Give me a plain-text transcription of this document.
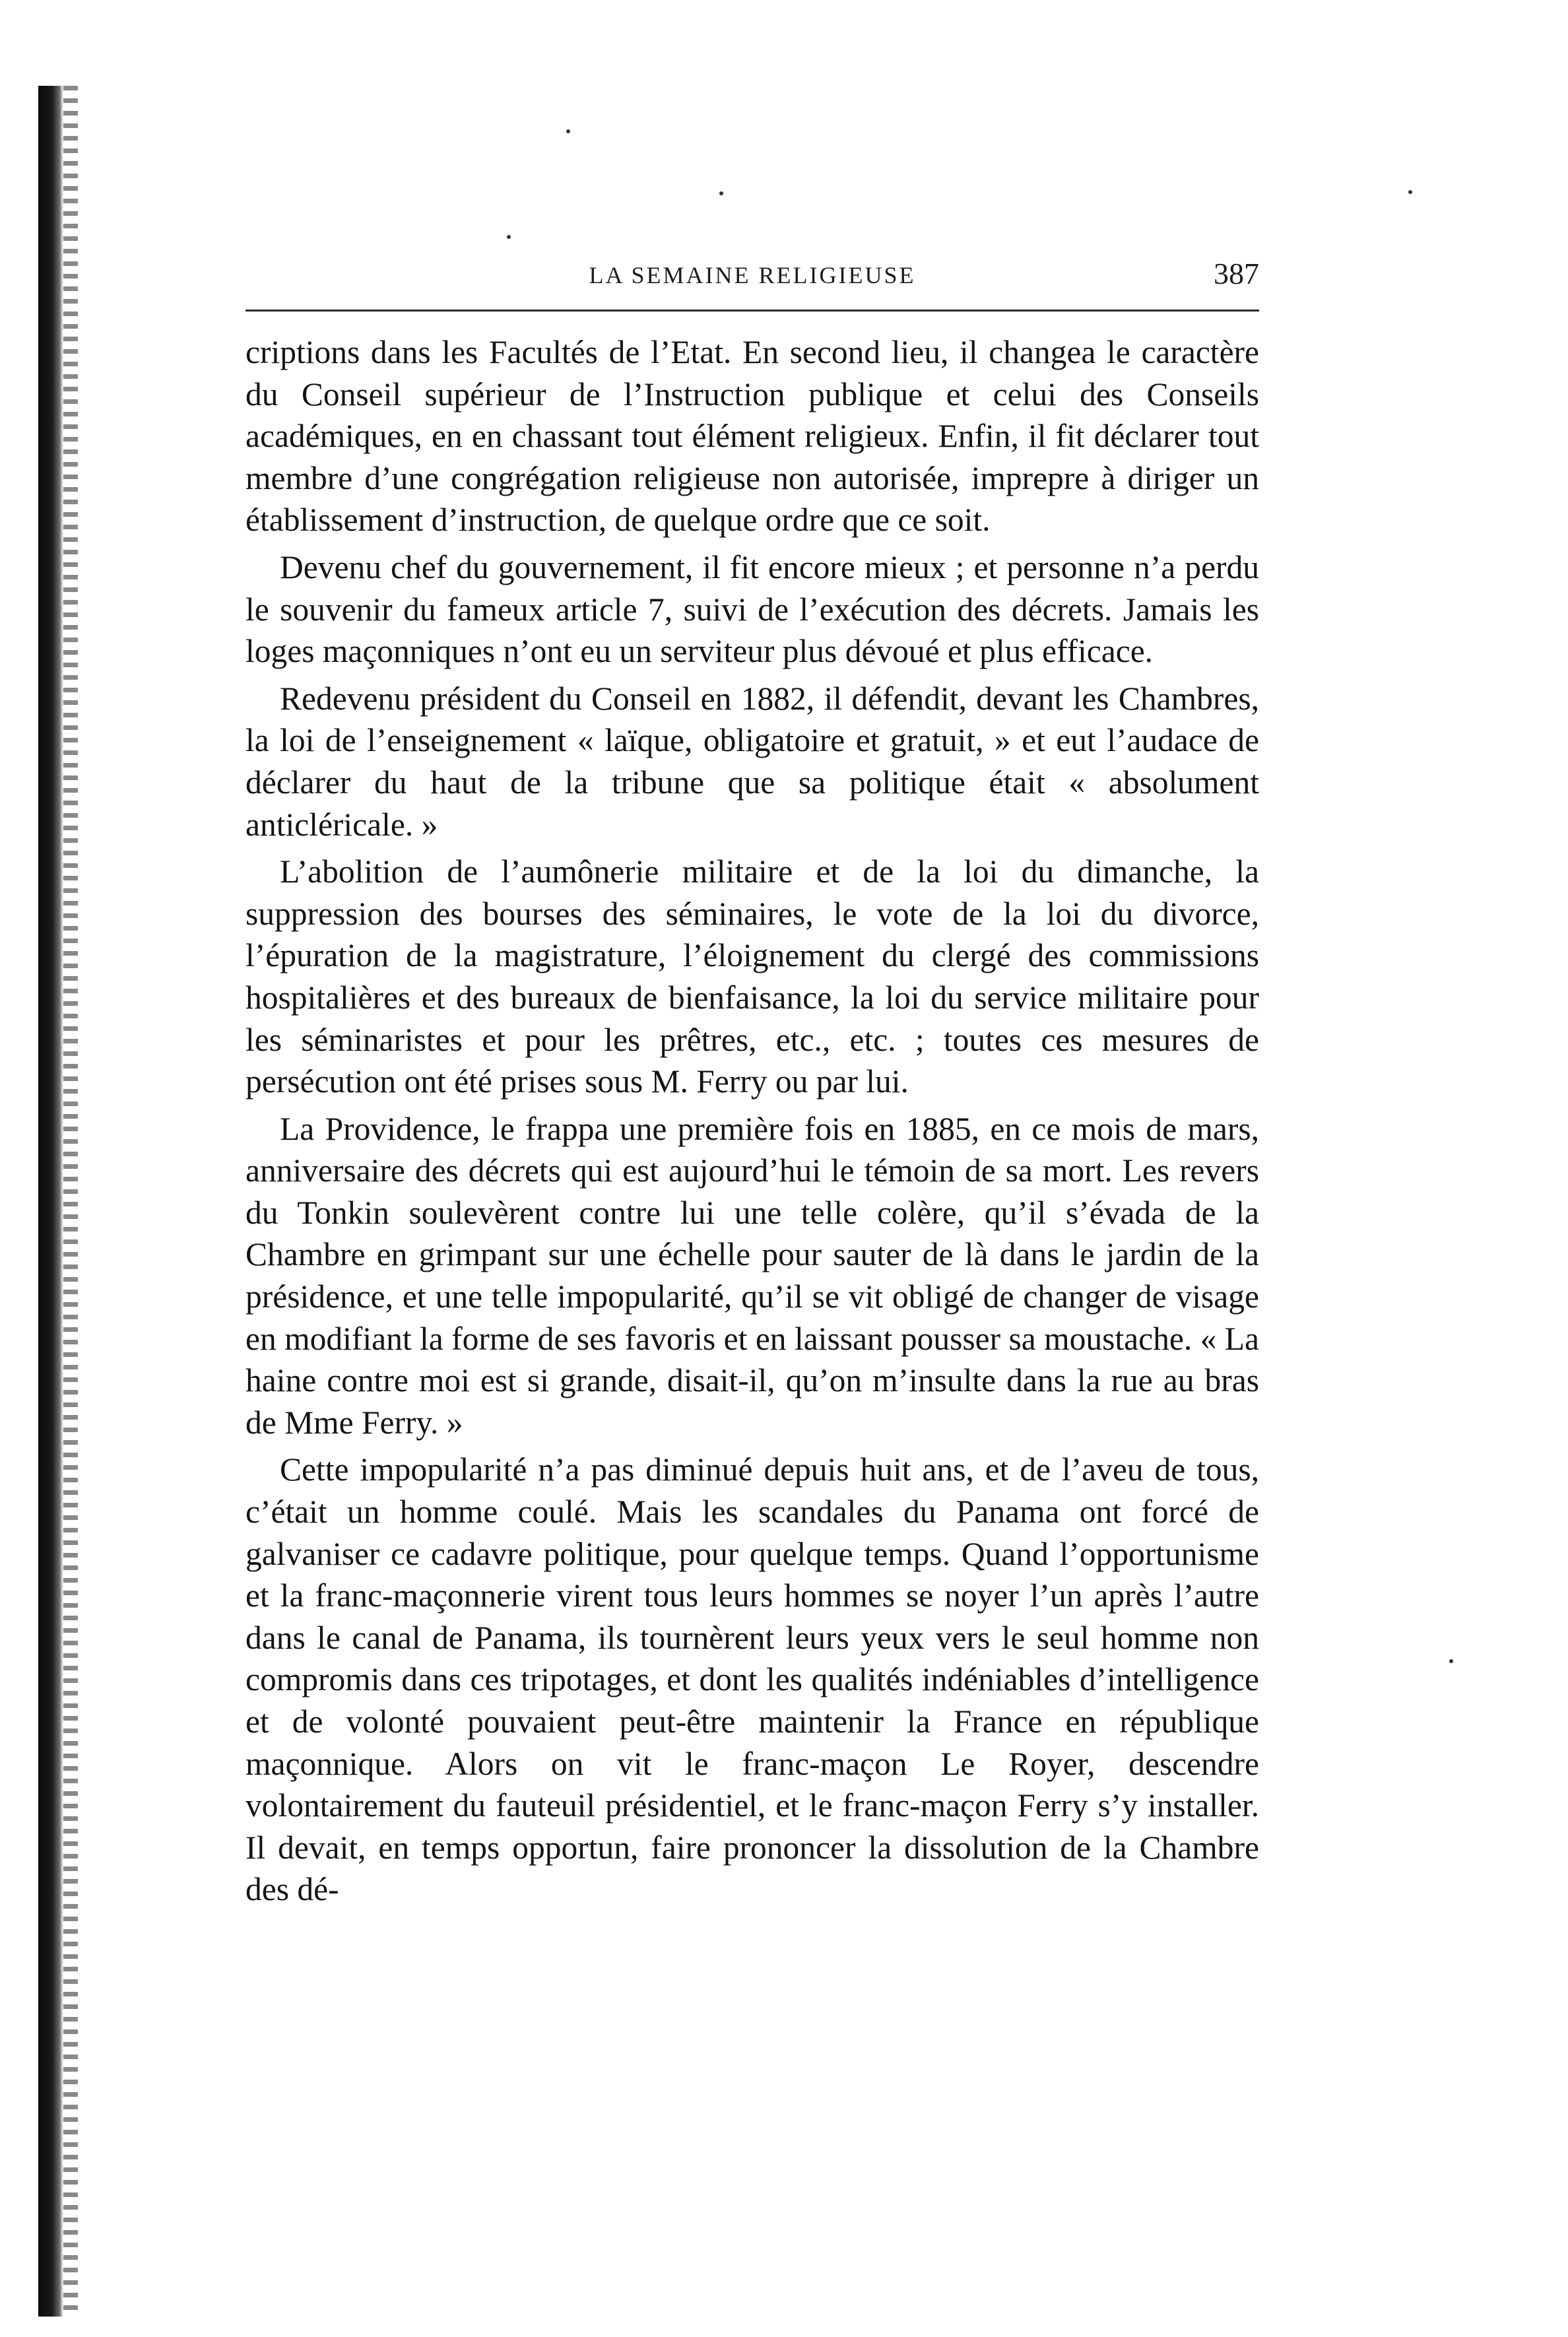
LA SEMAINE RELIGIEUSE	387

criptions dans les Facultés de l’Etat. En second lieu, il changea le caractère du Conseil supérieur de l’Instruction publique et celui des Conseils académiques, en en chassant tout élément religieux. Enfin, il fit déclarer tout membre d’une congrégation religieuse non autorisée, imprepre à diriger un établissement d’instruction, de quelque ordre que ce soit.

Devenu chef du gouvernement, il fit encore mieux ; et personne n’a perdu le souvenir du fameux article 7, suivi de l’exécution des décrets. Jamais les loges maçonniques n’ont eu un serviteur plus dévoué et plus efficace.

Redevenu président du Conseil en 1882, il défendit, devant les Chambres, la loi de l’enseignement « laïque, obligatoire et gratuit, » et eut l’audace de déclarer du haut de la tribune que sa politique était « absolument anticléricale. »

L’abolition de l’aumônerie militaire et de la loi du dimanche, la suppression des bourses des séminaires, le vote de la loi du divorce, l’épuration de la magistrature, l’éloignement du clergé des commissions hospitalières et des bureaux de bienfaisance, la loi du service militaire pour les séminaristes et pour les prêtres, etc., etc. ; toutes ces mesures de persécution ont été prises sous M. Ferry ou par lui.

La Providence, le frappa une première fois en 1885, en ce mois de mars, anniversaire des décrets qui est aujourd’hui le témoin de sa mort. Les revers du Tonkin soulevèrent contre lui une telle colère, qu’il s’évada de la Chambre en grimpant sur une échelle pour sauter de là dans le jardin de la présidence, et une telle impopularité, qu’il se vit obligé de changer de visage en modifiant la forme de ses favoris et en laissant pousser sa moustache. « La haine contre moi est si grande, disait-il, qu’on m’insulte dans la rue au bras de Mme Ferry. »

Cette impopularité n’a pas diminué depuis huit ans, et de l’aveu de tous, c’était un homme coulé. Mais les scandales du Panama ont forcé de galvaniser ce cadavre politique, pour quelque temps. Quand l’opportunisme et la franc-maçonnerie virent tous leurs hommes se noyer l’un après l’autre dans le canal de Panama, ils tournèrent leurs yeux vers le seul homme non compromis dans ces tripotages, et dont les qualités indéniables d’intelligence et de volonté pouvaient peut-être maintenir la France en république maçonnique. Alors on vit le franc-maçon Le Royer, descendre volontairement du fauteuil présidentiel, et le franc-maçon Ferry s’y installer. Il devait, en temps opportun, faire prononcer la dissolution de la Chambre des dé-
